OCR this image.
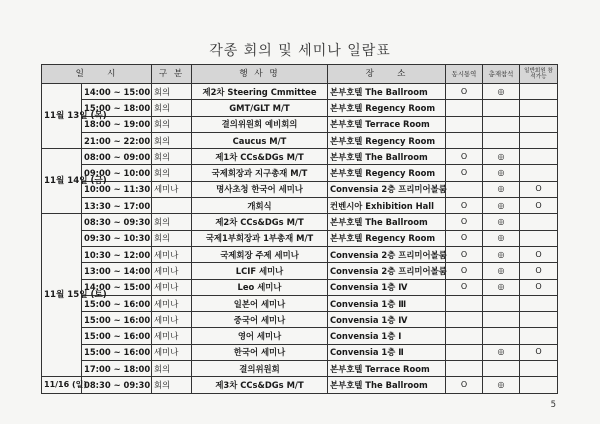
각종 회의 및 세미나 일람표
일　　시		구 분	행 사 명	장　　소	동시통역	총재참석	일반회원 참석가능
11월 13일 (목)	14:00 ~ 15:00	회의	제2차 Steering Cmmittee	본부호텔 The Ballroom	O	◎	
	15:00 ~ 18:00	회의	GMT/GLT M/T	본부호텔 Regency Room			
	18:00 ~ 19:00	회의	결의위원회 예비회의	본부호텔 Terrace Room			
	21:00 ~ 22:00	회의	Caucus M/T	본부호텔 Regency Room			
11월 14일 (금)	08:00 ~ 09:00	회의	제1차 CCs&DGs M/T	본부호텔 The Ballroom	O	◎	
	09:00 ~ 10:00	회의	국제회장과 지구총재 M/T	본부호텔 Regency Room	O	◎	
	10:00 ~ 11:30	세미나	명사초청 한국어 세미나	Convensia 2층 프리미어볼룸		◎	O
	13:30 ~ 17:00		개회식	컨벤시아 Exhibition Hall	O	◎	O
11월 15일 (토)	08:30 ~ 09:30	회의	제2차 CCs&DGs M/T	본부호텔 The Ballroom	O	◎	
	09:30 ~ 10:30	회의	국제1부회장과 1부총재 M/T	본부호텔 Regency Room	O	◎	
	10:30 ~ 12:00	세미나	국제회장 주제 세미나	Convensia 2층 프리미어볼룸	O	◎	O
	13:00 ~ 14:00	세미나	LCIF 세미나	Convensia 2층 프리미어볼룸	O	◎	O
	14:00 ~ 15:00	세미나	Leo 세미나	Convensia 1층 Ⅳ	O	◎	O
	15:00 ~ 16:00	세미나	일본어 세미나	Convensia 1층 Ⅲ			
	15:00 ~ 16:00	세미나	중국어 세미나	Convensia 1층 Ⅳ			
	15:00 ~ 16:00	세미나	영어 세미나	Convensia 1층 Ⅰ			
	15:00 ~ 16:00	세미나	한국어 세미나	Convensia 1층 Ⅱ		◎	O
	17:00 ~ 18:00	회의	결의위원회	본부호텔 Terrace Room			
11/16 (일)	08:30 ~ 09:30	회의	제3차 CCs&DGs M/T	본부호텔 The Ballroom	O	◎	
5
